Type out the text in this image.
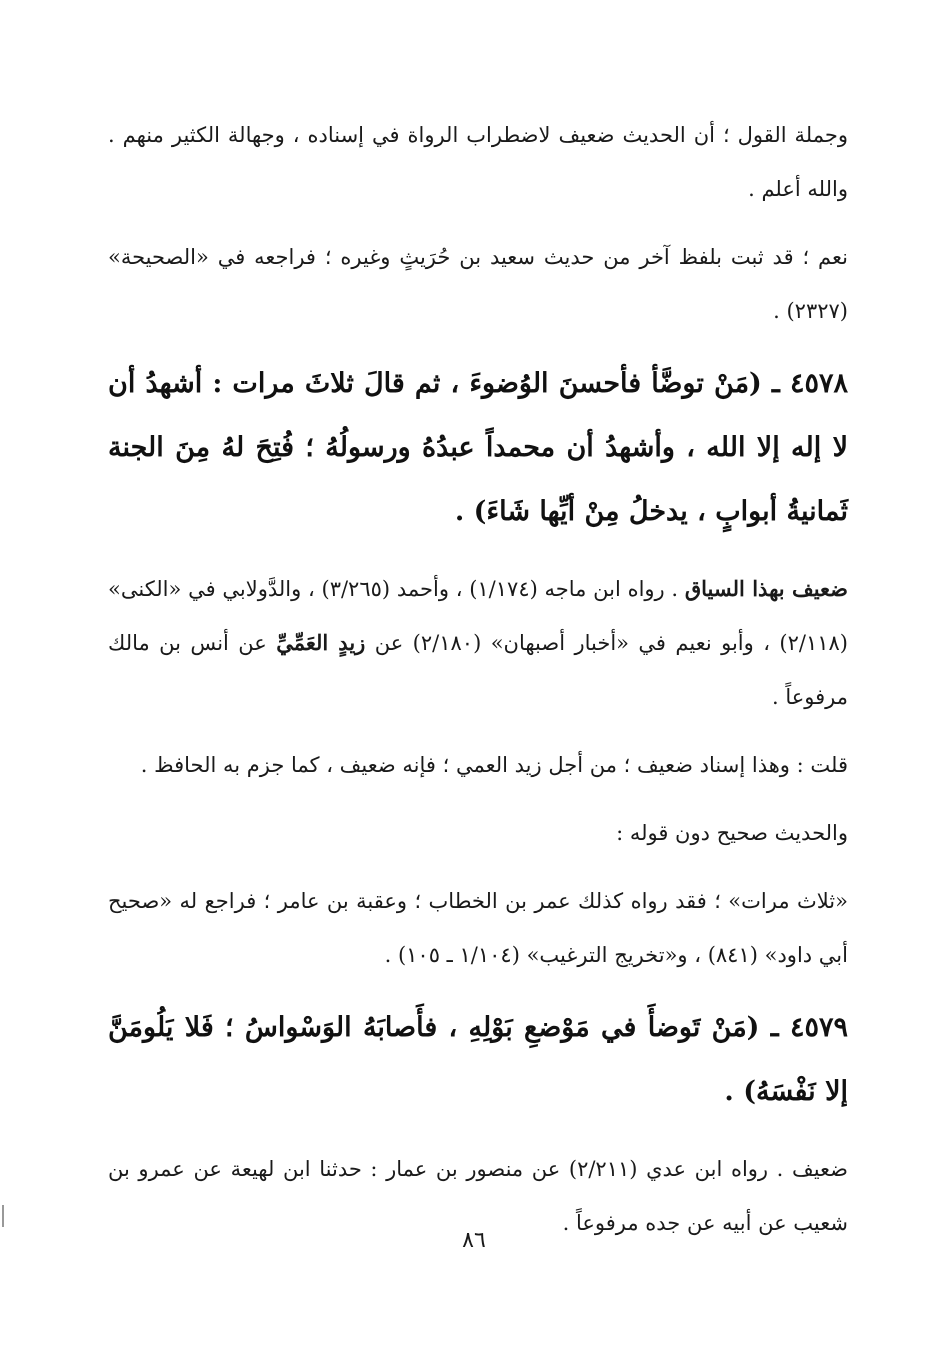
وجملة القول ؛ أن الحديث ضعيف لاضطراب الرواة في إسناده ، وجهالة الكثير منهم . والله أعلم .

نعم ؛ قد ثبت بلفظ آخر من حديث سعيد بن حُرَيثٍ وغيره ؛ فراجعه في «الصحيحة» (٢٣٢٧) .

٤٥٧٨ ـ (مَنْ توضَّأ فأحسنَ الوُضوءَ ، ثم قالَ ثلاثَ مرات : أشهدُ أن لا إله إلا الله ، وأشهدُ أن محمداً عبدُهُ ورسولُهُ ؛ فُتِحَ لهُ مِنَ الجنة ثَمانيةُ أبوابٍ ، يدخلُ مِنْ أيِّها شَاءَ) .

ضعيف بهذا السياق . رواه ابن ماجه (١/١٧٤) ، وأحمد (٣/٢٦٥) ، والدَّولابي في «الكنى» (٢/١١٨) ، وأبو نعيم في «أخبار أصبهان» (٢/١٨٠) عن زيدٍ العَمِّيِّ عن أنس بن مالك مرفوعاً .

قلت : وهذا إسناد ضعيف ؛ من أجل زيد العمي ؛ فإنه ضعيف ، كما جزم به الحافظ .

والحديث صحيح دون قوله :

«ثلاث مرات» ؛ فقد رواه كذلك عمر بن الخطاب ؛ وعقبة بن عامر ؛ فراجع له «صحيح أبي داود» (٨٤١) ، و«تخريج الترغيب» (١/١٠٤ ـ ١٠٥) .

٤٥٧٩ ـ (مَنْ تَوضأَ في مَوْضعِ بَوْلِهِ ، فأَصابَهُ الوَسْواسُ ؛ فَلا يَلُومَنَّ إلا نَفْسَهُ) .

ضعيف . رواه ابن عدي (٢/٢١١) عن منصور بن عمار : حدثنا ابن لهيعة عن عمرو بن شعيب عن أبيه عن جده مرفوعاً .

٨٦
